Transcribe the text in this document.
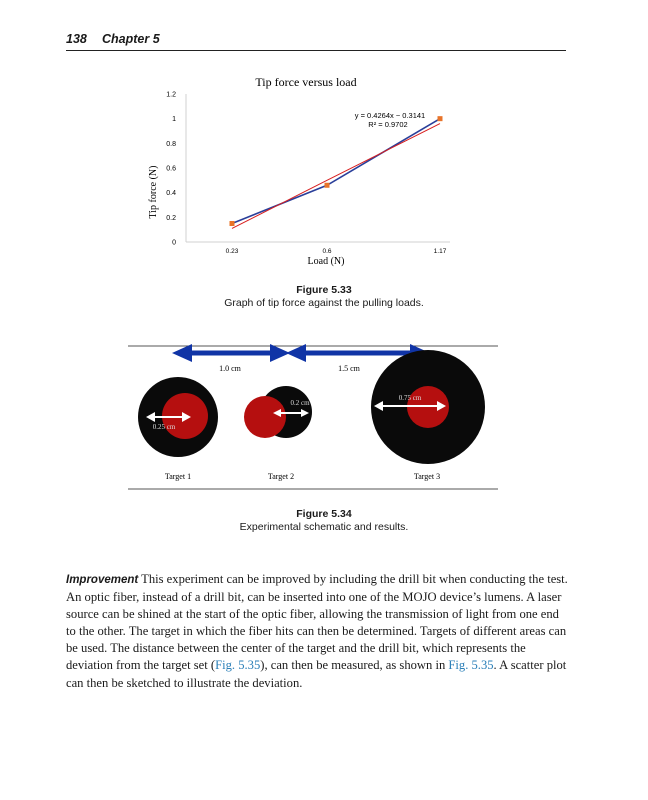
138 Chapter 5
Tip force versus load
Tip force (N)
Load (N)
0
0.2
0.4
0.6
0.8
1
1.2
0.23	0.6	1.17
y = 0.4264x − 0.3141
R² = 0.9702
Figure 5.33
Graph of tip force against the pulling loads.
1.0 cm	1.5 cm
0.25 cm
0.2 cm
0.75 cm
Target 1	Target 2	Target 3
Figure 5.34
Experimental schematic and results.

Improvement This experiment can be improved by including the drill bit when conducting the test. An optic fiber, instead of a drill bit, can be inserted into one of the MOJO device’s lumens. A laser source can be shined at the start of the optic fiber, allowing the transmission of light from one end to the other. The target in which the fiber hits can then be determined. Targets of different areas can be used. The distance between the center of the target and the drill bit, which represents the deviation from the target set (Fig. 5.35), can then be measured, as shown in Fig. 5.35. A scatter plot can then be sketched to illustrate the deviation.
